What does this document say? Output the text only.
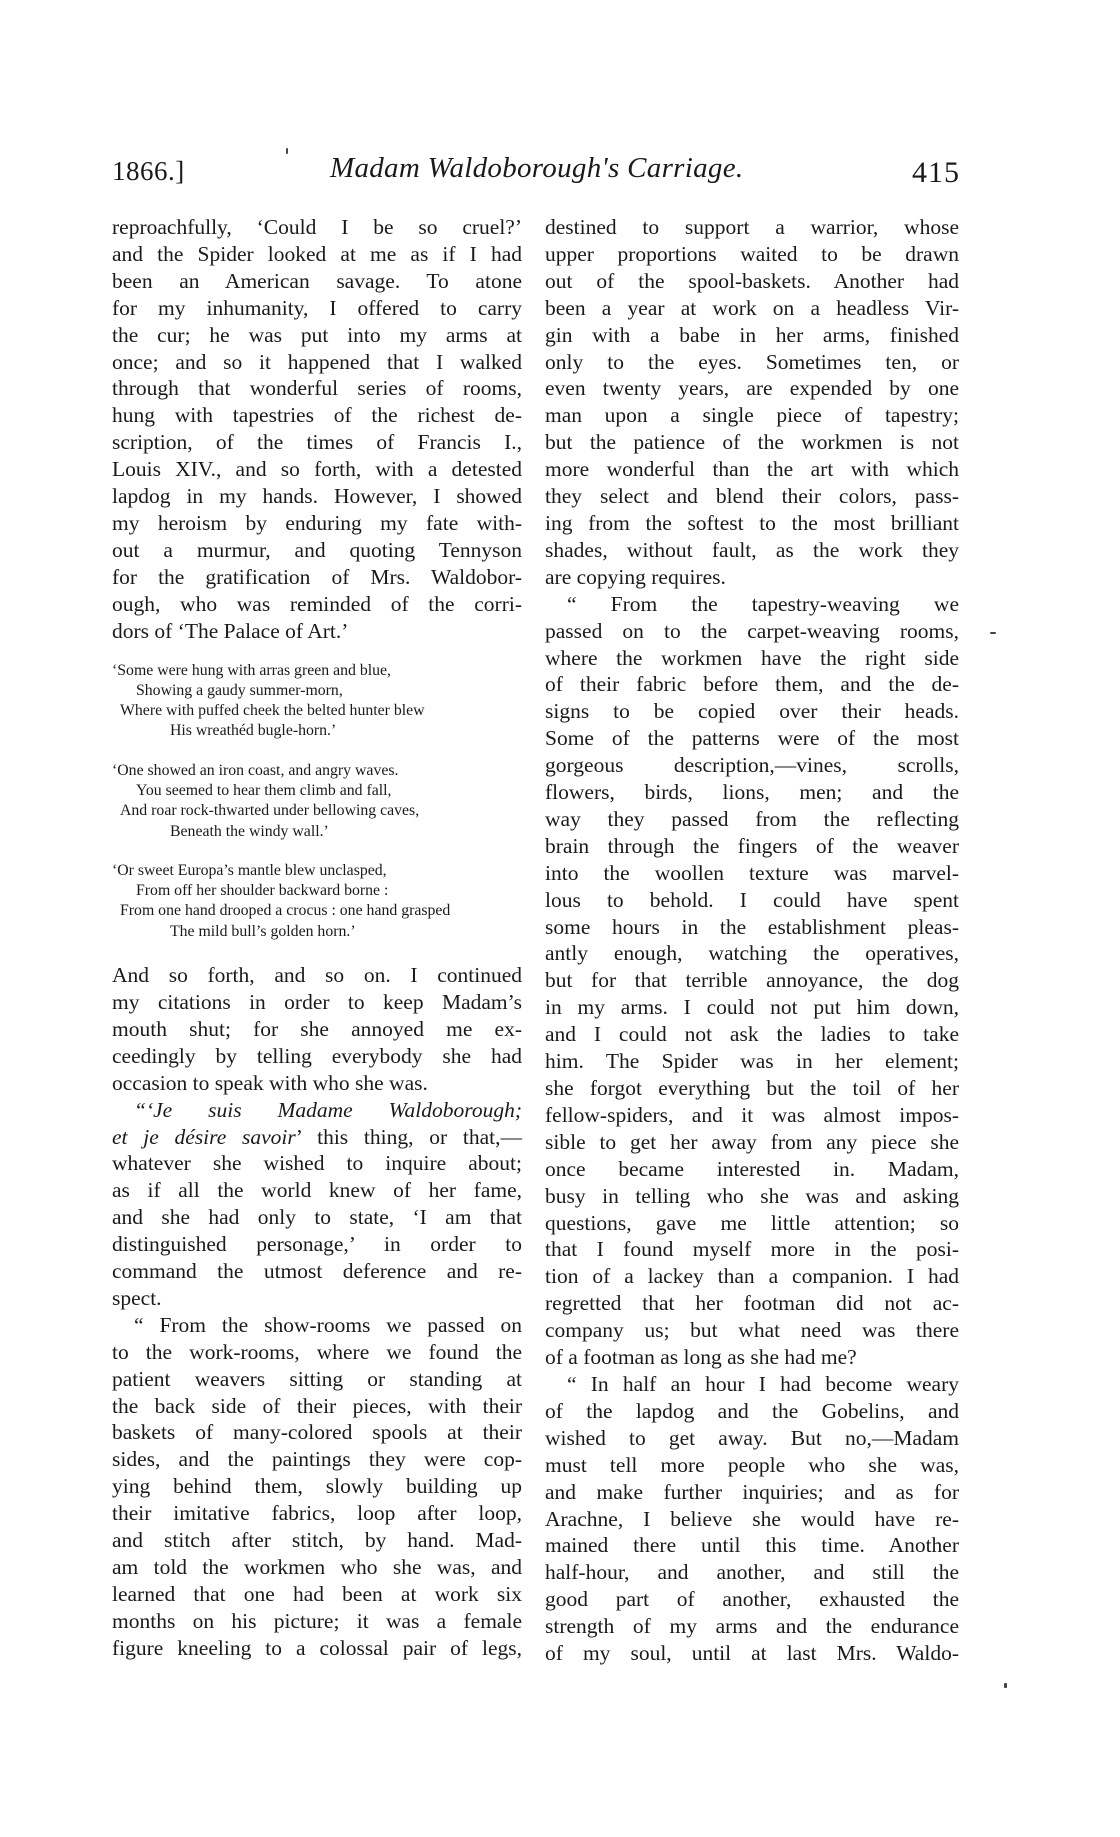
1866.]	Madam Waldoborough's Carriage.	415
reproachfully, ‘Could I be so cruel?’
and the Spider looked at me as if I had
been an American savage. To atone
for my inhumanity, I offered to carry
the cur; he was put into my arms at
once; and so it happened that I walked
through that wonderful series of rooms,
hung with tapestries of the richest de-
scription, of the times of Francis I.,
Louis XIV., and so forth, with a detested
lapdog in my hands. However, I showed
my heroism by enduring my fate with-
out a murmur, and quoting Tennyson
for the gratification of Mrs. Waldobor-
ough, who was reminded of the corri-
dors of ‘The Palace of Art.’
‘Some were hung with arras green and blue,
Showing a gaudy summer-morn,
Where with puffed cheek the belted hunter blew
His wreathéd bugle-horn.’
‘One showed an iron coast, and angry waves.
You seemed to hear them climb and fall,
And roar rock-thwarted under bellowing caves,
Beneath the windy wall.’
‘Or sweet Europa’s mantle blew unclasped,
From off her shoulder backward borne :
From one hand drooped a crocus : one hand grasped
The mild bull’s golden horn.’
And so forth, and so on. I continued
my citations in order to keep Madam’s
mouth shut; for she annoyed me ex-
ceedingly by telling everybody she had
occasion to speak with who she was.
“‘Je suis Madame Waldoborough;
et je désire savoir’ this thing, or that,—
whatever she wished to inquire about;
as if all the world knew of her fame,
and she had only to state, ‘I am that
distinguished personage,’ in order to
command the utmost deference and re-
spect.
“ From the show-rooms we passed on
to the work-rooms, where we found the
patient weavers sitting or standing at
the back side of their pieces, with their
baskets of many-colored spools at their
sides, and the paintings they were cop-
ying behind them, slowly building up
their imitative fabrics, loop after loop,
and stitch after stitch, by hand. Mad-
am told the workmen who she was, and
learned that one had been at work six
months on his picture; it was a female
figure kneeling to a colossal pair of legs,
destined to support a warrior, whose
upper proportions waited to be drawn
out of the spool-baskets. Another had
been a year at work on a headless Vir-
gin with a babe in her arms, finished
only to the eyes. Sometimes ten, or
even twenty years, are expended by one
man upon a single piece of tapestry;
but the patience of the workmen is not
more wonderful than the art with which
they select and blend their colors, pass-
ing from the softest to the most brilliant
shades, without fault, as the work they
are copying requires.
“ From the tapestry-weaving we
passed on to the carpet-weaving rooms,
where the workmen have the right side
of their fabric before them, and the de-
signs to be copied over their heads.
Some of the patterns were of the most
gorgeous description,—vines, scrolls,
flowers, birds, lions, men; and the
way they passed from the reflecting
brain through the fingers of the weaver
into the woollen texture was marvel-
lous to behold. I could have spent
some hours in the establishment pleas-
antly enough, watching the operatives,
but for that terrible annoyance, the dog
in my arms. I could not put him down,
and I could not ask the ladies to take
him. The Spider was in her element;
she forgot everything but the toil of her
fellow-spiders, and it was almost impos-
sible to get her away from any piece she
once became interested in. Madam,
busy in telling who she was and asking
questions, gave me little attention; so
that I found myself more in the posi-
tion of a lackey than a companion. I had
regretted that her footman did not ac-
company us; but what need was there
of a footman as long as she had me?
“ In half an hour I had become weary
of the lapdog and the Gobelins, and
wished to get away. But no,—Madam
must tell more people who she was,
and make further inquiries; and as for
Arachne, I believe she would have re-
mained there until this time. Another
half-hour, and another, and still the
good part of another, exhausted the
strength of my arms and the endurance
of my soul, until at last Mrs. Waldo-
